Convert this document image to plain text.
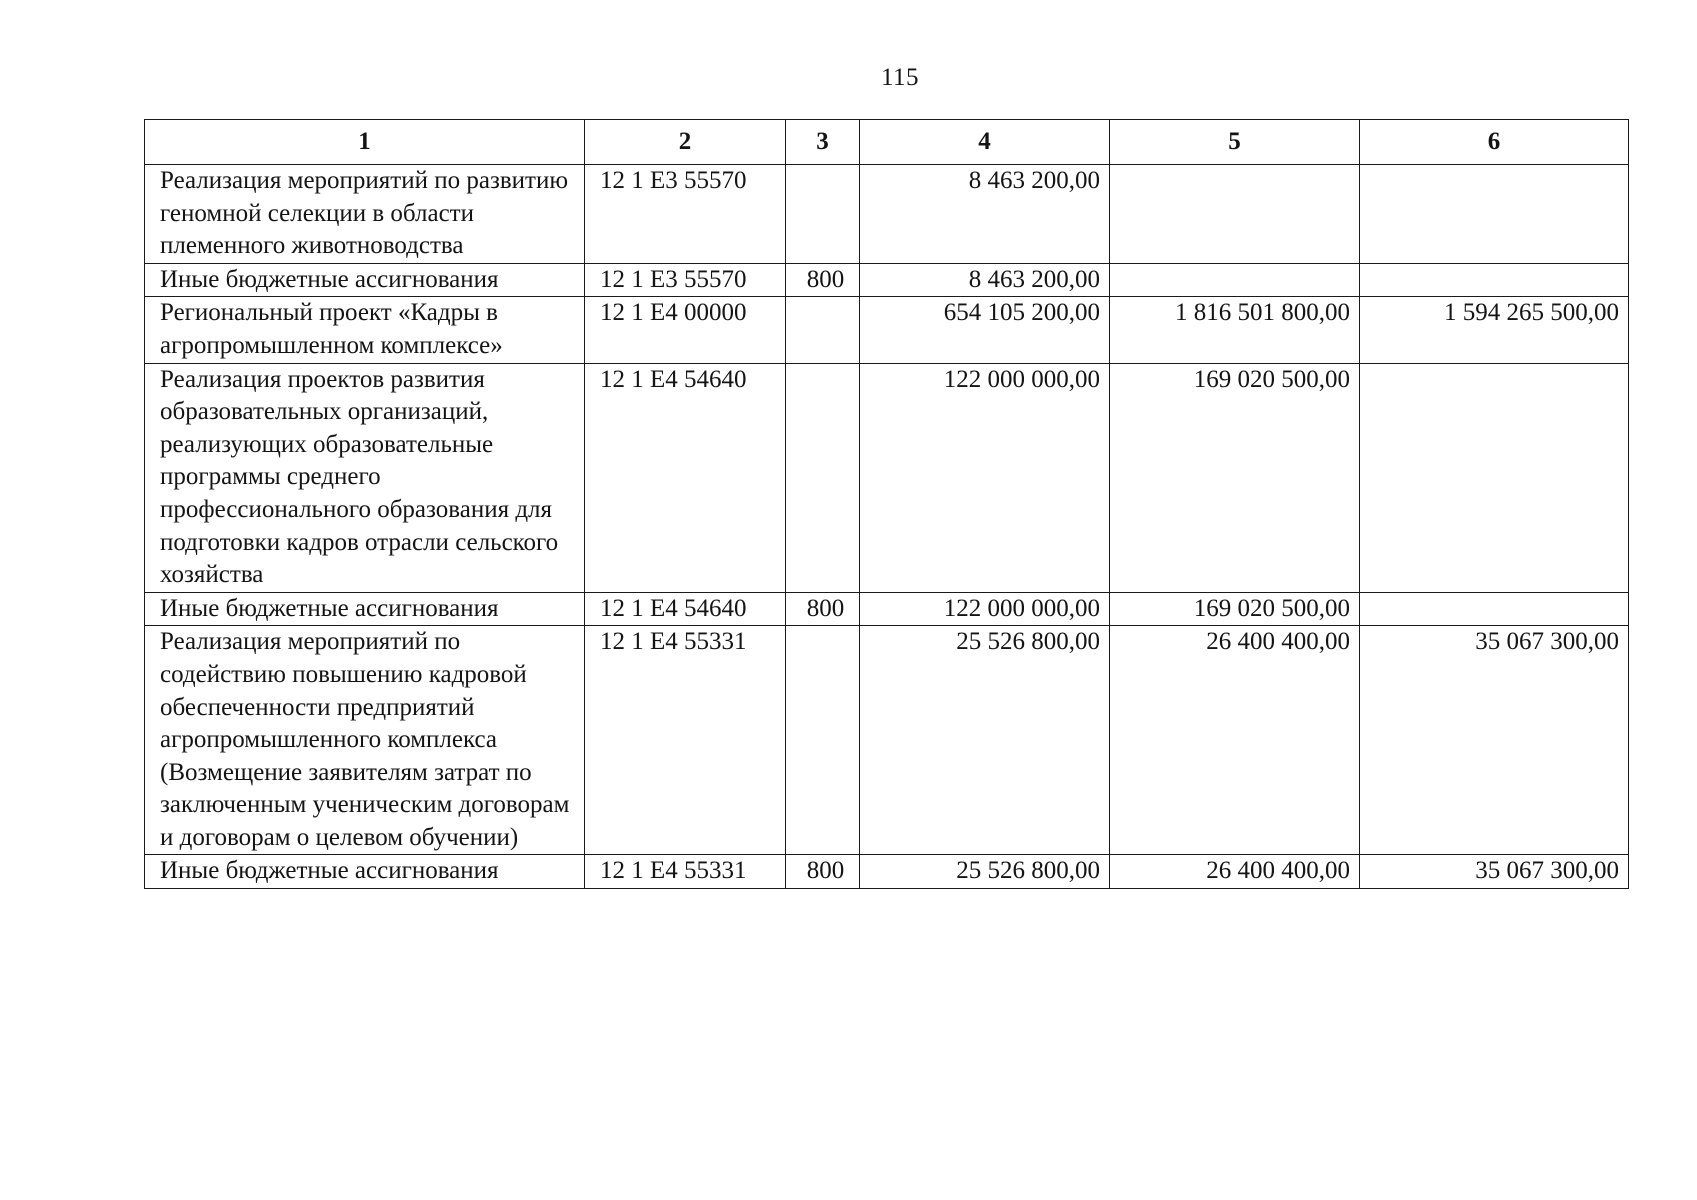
115
1	2	3	4	5	6
Реализация мероприятий по развитию геномной селекции в области племенного животноводства	12 1 E3 55570		8 463 200,00		
Иные бюджетные ассигнования	12 1 E3 55570	800	8 463 200,00		
Региональный проект «Кадры в агропромышленном комплексе»	12 1 E4 00000		654 105 200,00	1 816 501 800,00	1 594 265 500,00
Реализация проектов развития образовательных организаций, реализующих образовательные программы среднего профессионального образования для подготовки кадров отрасли сельского хозяйства	12 1 E4 54640		122 000 000,00	169 020 500,00	
Иные бюджетные ассигнования	12 1 E4 54640	800	122 000 000,00	169 020 500,00	
Реализация мероприятий по содействию повышению кадровой обеспеченности предприятий агропромышленного комплекса (Возмещение заявителям затрат по заключенным ученическим договорам и договорам о целевом обучении)	12 1 E4 55331		25 526 800,00	26 400 400,00	35 067 300,00
Иные бюджетные ассигнования	12 1 E4 55331	800	25 526 800,00	26 400 400,00	35 067 300,00
